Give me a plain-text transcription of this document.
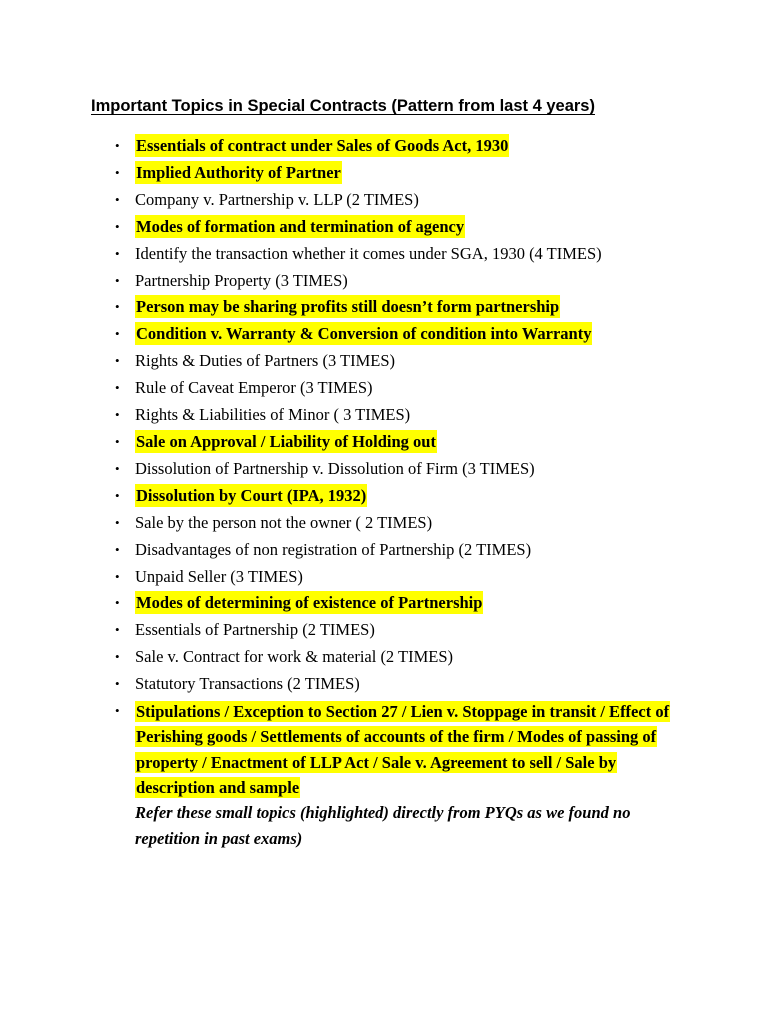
Important Topics in Special Contracts (Pattern from last 4 years)
• Essentials of contract under Sales of Goods Act, 1930
• Implied Authority of Partner
• Company v. Partnership v. LLP (2 TIMES)
• Modes of formation and termination of agency
• Identify the transaction whether it comes under SGA, 1930 (4 TIMES)
• Partnership Property (3 TIMES)
• Person may be sharing profits still doesn’t form partnership
• Condition v. Warranty & Conversion of condition into Warranty
• Rights & Duties of Partners (3 TIMES)
• Rule of Caveat Emperor (3 TIMES)
• Rights & Liabilities of Minor ( 3 TIMES)
• Sale on Approval / Liability of Holding out
• Dissolution of Partnership v. Dissolution of Firm (3 TIMES)
• Dissolution by Court (IPA, 1932)
• Sale by the person not the owner ( 2 TIMES)
• Disadvantages of non registration of Partnership (2 TIMES)
• Unpaid Seller (3 TIMES)
• Modes of determining of existence of Partnership
• Essentials of Partnership (2 TIMES)
• Sale v. Contract for work & material (2 TIMES)
• Statutory Transactions (2 TIMES)
• Stipulations / Exception to Section 27 / Lien v. Stoppage in transit / Effect of Perishing goods / Settlements of accounts of the firm / Modes of passing of property / Enactment of LLP Act / Sale v. Agreement to sell / Sale by description and sample
Refer these small topics (highlighted) directly from PYQs as we found no repetition in past exams)
